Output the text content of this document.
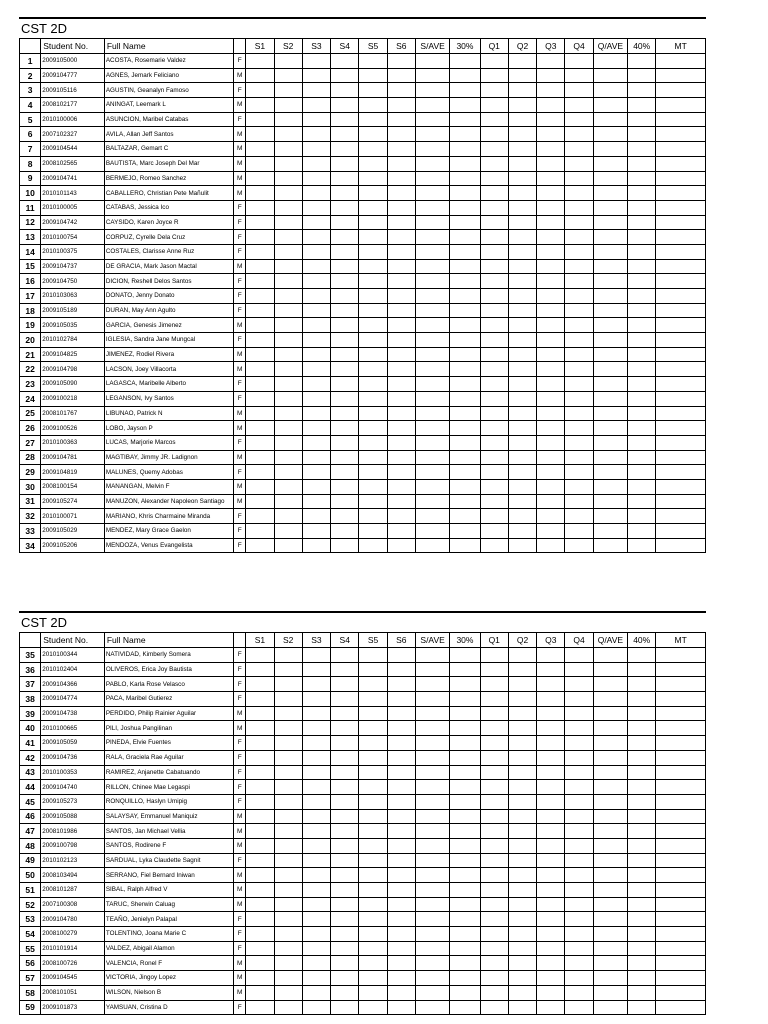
CST 2D
	Student No.	Full Name		S1	S2	S3	S4	S5	S6	S/AVE	30%	Q1	Q2	Q3	Q4	Q/AVE	40%	MT
1	2009105000	ACOSTA, Rosemarie Valdez	F															
2	2009104777	AGNES, Jemark Feliciano	M															
3	2009105116	AGUSTIN, Geanalyn Famoso	F															
4	2008102177	ANINGAT, Leemark L	M															
5	2010100006	ASUNCION, Maribel Catabas	F															
6	2007102327	AVILA, Allan Jeff Santos	M															
7	2009104544	BALTAZAR, Gemart C	M															
8	2008102565	BAUTISTA, Marc Joseph Del Mar	M															
9	2009104741	BERMEJO, Romeo Sanchez	M															
10	2010101143	CABALLERO, Christian Pete Mañulit	M															
11	2010100005	CATABAS, Jessica Ico	F															
12	2009104742	CAYSIDO, Karen Joyce R	F															
13	2010100754	CORPUZ, Cyrelle Dela Cruz	F															
14	2010100375	COSTALES, Clarisse Anne Ruz	F															
15	2009104737	DE GRACIA, Mark Jason Mactal	M															
16	2009104750	DICION, Reshell Delos Santos	F															
17	2010103063	DONATO, Jenny Donato	F															
18	2009105189	DURAN, May Ann Agulto	F															
19	2009105035	GARCIA, Genesis Jimenez	M															
20	2010102784	IGLESIA, Sandra Jane Mungcal	F															
21	2009104825	JIMENEZ, Rodiel Rivera	M															
22	2009104798	LACSON, Joey Villacorta	M															
23	2009105090	LAGASCA, Maribelle Alberto	F															
24	2009100218	LEGANSON, Ivy Santos	F															
25	2008101767	LIBUNAO, Patrick N	M															
26	2009100526	LOBO, Jayson P	M															
27	2010100363	LUCAS, Marjorie Marcos	F															
28	2009104781	MAGTIBAY, Jimmy JR. Ladignon	M															
29	2009104819	MALUNES, Quemy Adobas	F															
30	2008100154	MANANGAN, Melvin F	M															
31	2009105274	MANUZON, Alexander Napoleon Santiago	M															
32	2010100071	MARIANO, Khris Charmaine Miranda	F															
33	2009105029	MENDEZ, Mary Grace Gaelon	F															
34	2009105206	MENDOZA, Venus Evangelista	F															
CST 2D
	Student No.	Full Name		S1	S2	S3	S4	S5	S6	S/AVE	30%	Q1	Q2	Q3	Q4	Q/AVE	40%	MT
35	2010100344	NATIVIDAD, Kimberly Somera	F															
36	2010102404	OLIVEROS, Erica Joy Bautista	F															
37	2009104366	PABLO, Karla Rose Velasco	F															
38	2009104774	PACA, Maribel Gutierez	F															
39	2009104738	PERDIDO, Philip Rainier Aguilar	M															
40	2010100665	PILI, Joshua Pangilinan	M															
41	2009105059	PINEDA, Elvie Fuentes	F															
42	2009104736	RALA, Graciela Rae Aguilar	F															
43	2010100353	RAMIREZ, Anjanette Cabatuando	F															
44	2009104740	RILLON, Chinee Mae Legaspi	F															
45	2009105273	RONQUILLO, Haslyn Umipig	F															
46	2009105088	SALAYSAY, Emmanuel Maniquiz	M															
47	2008101986	SANTOS, Jan Michael Vellia	M															
48	2009100798	SANTOS, Rodirene F	M															
49	2010102123	SARDUAL, Lyka Claudette Sagnit	F															
50	2008103494	SERRANO, Fiel Bernard Iniwan	M															
51	2008101287	SIBAL, Ralph Alfred V	M															
52	2007100308	TARUC, Sherwin Caluag	M															
53	2009104780	TEAÑO, Jenielyn Palapal	F															
54	2008100279	TOLENTINO, Joana Marie C	F															
55	2010101914	VALDEZ, Abigail Alamon	F															
56	2008100726	VALENCIA, Ronel F	M															
57	2009104545	VICTORIA, Jingoy Lopez	M															
58	2008101051	WILSON, Nielson B	M															
59	2009101873	YAMSUAN, Cristina D	F															
